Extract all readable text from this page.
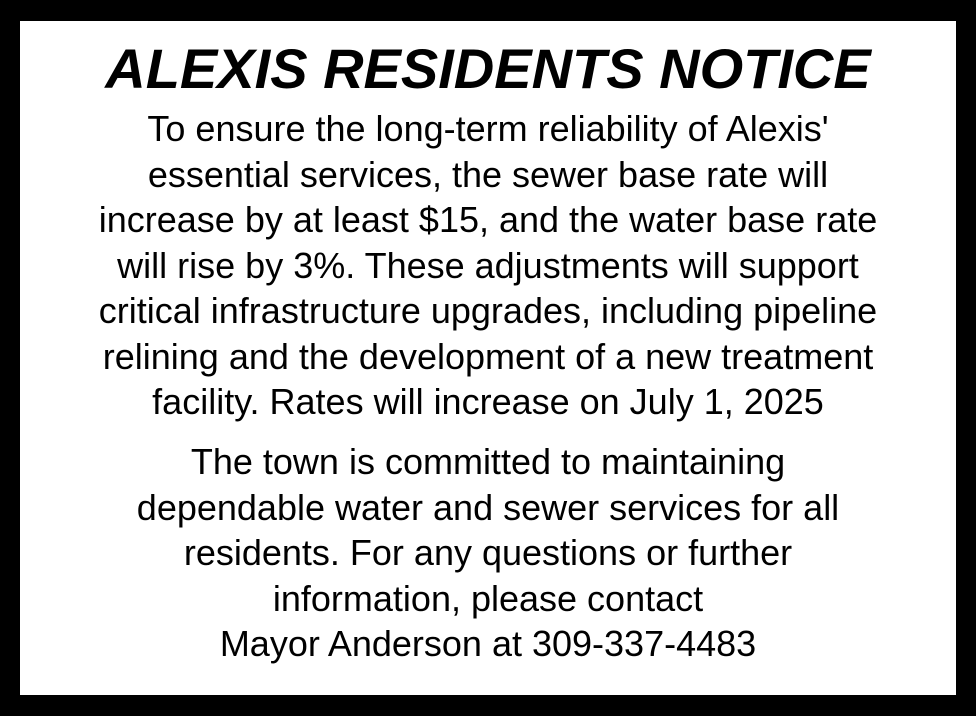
ALEXIS RESIDENTS NOTICE

To ensure the long-term reliability of Alexis'
essential services, the sewer base rate will
increase by at least $15, and the water base rate
will rise by 3%. These adjustments will support
critical infrastructure upgrades, including pipeline
relining and the development of a new treatment
facility. Rates will increase on July 1, 2025

The town is committed to maintaining
dependable water and sewer services for all
residents. For any questions or further
information, please contact
Mayor Anderson at 309-337-4483
